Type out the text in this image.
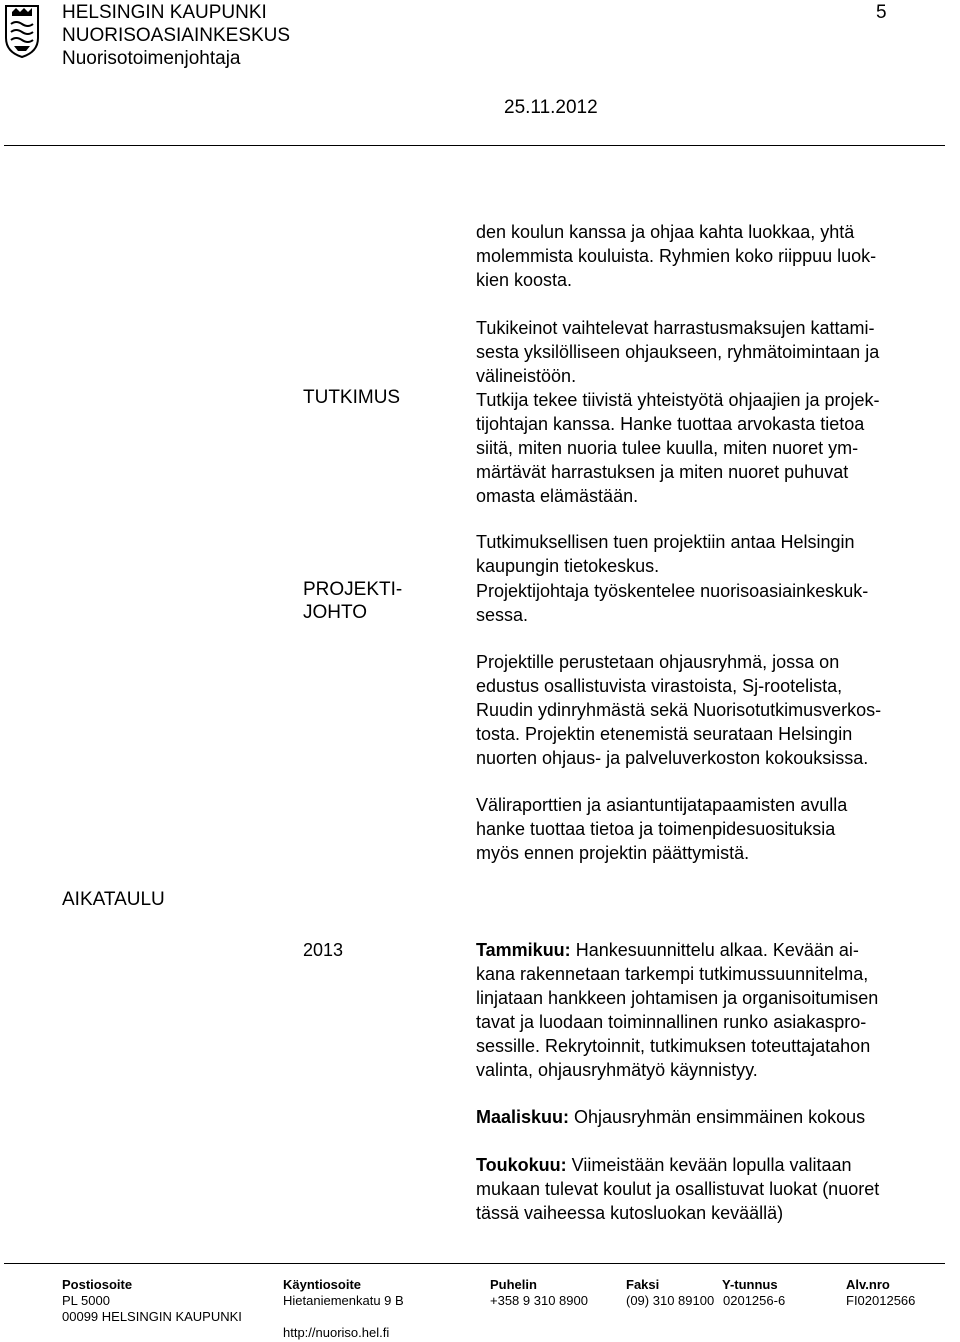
HELSINGIN KAUPUNKI
NUORISOASIAINKESKUS
Nuorisotoimenjohtaja
5
25.11.2012

den koulun kanssa ja ohjaa kahta luokkaa, yhtä

molemmista kouluista. Ryhmien koko riippuu luok-

kien koosta.

Tukikeinot vaihtelevat harrastusmaksujen kattami-

sesta yksilölliseen ohjaukseen, ryhmätoimintaan ja

välineistöön.

TUTKIMUS	Tutkija tekee tiivistä yhteistyötä ohjaajien ja projek-

tijohtajan kanssa. Hanke tuottaa arvokasta tietoa

siitä, miten nuoria tulee kuulla, miten nuoret ym-

märtävät harrastuksen ja miten nuoret puhuvat

omasta elämästään.

Tutkimuksellisen tuen projektiin antaa Helsingin

kaupungin tietokeskus.

PROJEKTI-
JOHTO

Projektijohtaja työskentelee nuorisoasiainkeskuk-

sessa.

Projektille perustetaan ohjausryhmä, jossa on

edustus osallistuvista virastoista, Sj-rootelista,

Ruudin ydinryhmästä sekä Nuorisotutkimusverkos-

tosta. Projektin etenemistä seurataan Helsingin

nuorten ohjaus- ja palveluverkoston kokouksissa.

Väliraporttien ja asiantuntijatapaamisten avulla

hanke tuottaa tietoa ja toimenpidesuosituksia

myös ennen projektin päättymistä.

AIKATAULU
2013	Tammikuu: Hankesuunnittelu alkaa. Kevään ai-

kana rakennetaan tarkempi tutkimussuunnitelma,

linjataan hankkeen johtamisen ja organisoitumisen

tavat ja luodaan toiminnallinen runko asiakaspro-

sessille. Rekrytoinnit, tutkimuksen toteuttajatahon

valinta, ohjausryhmätyö käynnistyy.

Maaliskuu: Ohjausryhmän ensimmäinen kokous

Toukokuu: Viimeistään kevään lopulla valitaan

mukaan tulevat koulut ja osallistuvat luokat (nuoret

tässä vaiheessa kutosluokan keväällä)

Postiosoite
PL 5000
00099 HELSINGIN KAUPUNKI
Käyntiosoite
Hietaniemenkatu 9 B
http://nuoriso.hel.fi
Puhelin
+358 9 310 8900
Faksi
(09) 310 89100
Y-tunnus
0201256-6
Alv.nro
FI02012566
